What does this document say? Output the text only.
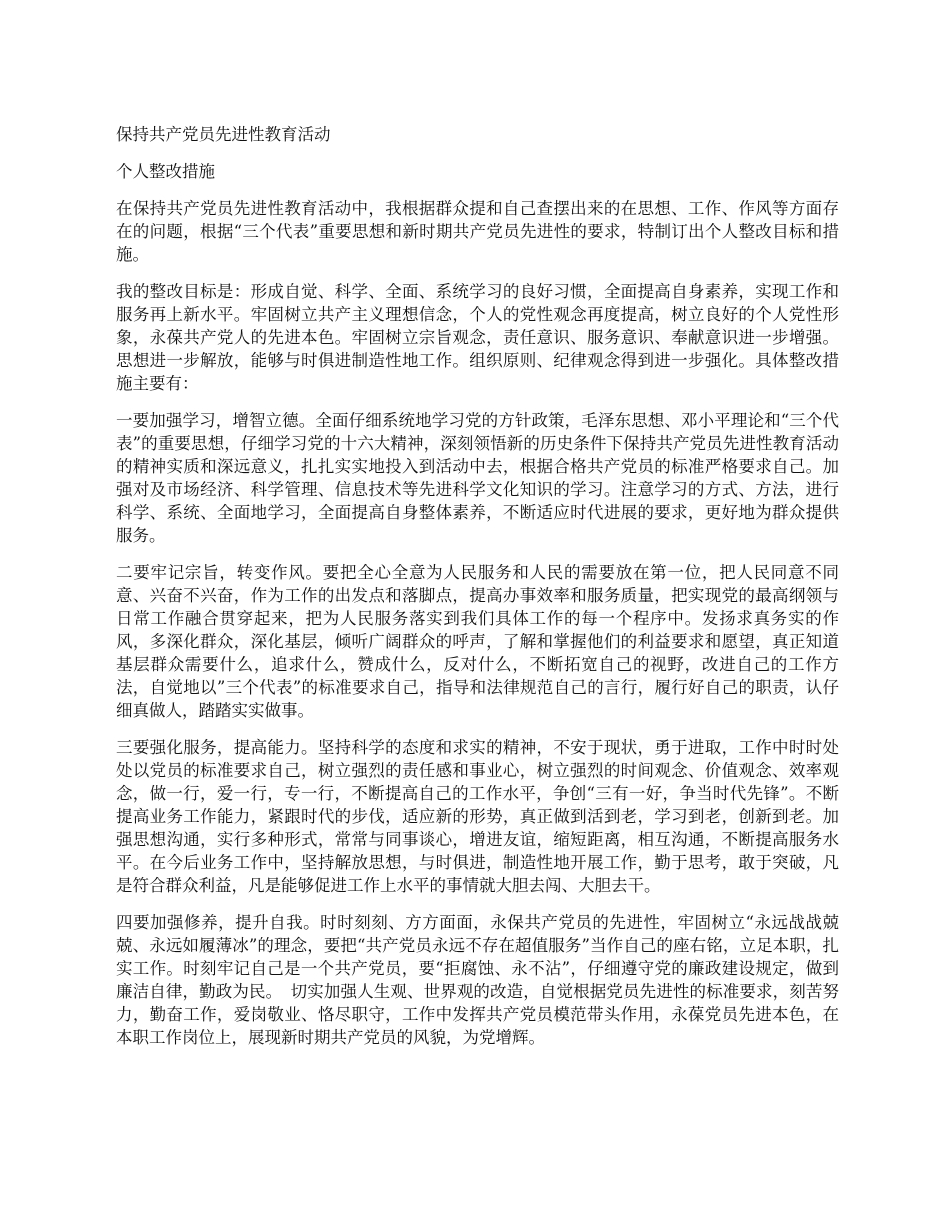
保持共产党员先进性教育活动

个人整改措施

在保持共产党员先进性教育活动中，我根据群众提和自己查摆出来的在思想、工作、作风等方面存在的问题，根据“三个代表”重要思想和新时期共产党员先进性的要求，特制订出个人整改目标和措施。

我的整改目标是：形成自觉、科学、全面、系统学习的良好习惯，全面提高自身素养，实现工作和服务再上新水平。牢固树立共产主义理想信念，个人的党性观念再度提高，树立良好的个人党性形象，永葆共产党人的先进本色。牢固树立宗旨观念，责任意识、服务意识、奉献意识进一步增强。思想进一步解放，能够与时俱进制造性地工作。组织原则、纪律观念得到进一步强化。具体整改措施主要有：

一要加强学习，增智立德。全面仔细系统地学习党的方针政策，毛泽东思想、邓小平理论和“三个代表”的重要思想，仔细学习党的十六大精神，深刻领悟新的历史条件下保持共产党员先进性教育活动的精神实质和深远意义，扎扎实实地投入到活动中去，根据合格共产党员的标准严格要求自己。加强对及市场经济、科学管理、信息技术等先进科学文化知识的学习。注意学习的方式、方法，进行科学、系统、全面地学习，全面提高自身整体素养，不断适应时代进展的要求，更好地为群众提供服务。

二要牢记宗旨，转变作风。要把全心全意为人民服务和人民的需要放在第一位，把人民同意不同意、兴奋不兴奋，作为工作的出发点和落脚点，提高办事效率和服务质量，把实现党的最高纲领与日常工作融合贯穿起来，把为人民服务落实到我们具体工作的每一个程序中。发扬求真务实的作风，多深化群众，深化基层，倾听广阔群众的呼声，了解和掌握他们的利益要求和愿望，真正知道基层群众需要什么，追求什么，赞成什么，反对什么，不断拓宽自己的视野，改进自己的工作方法，自觉地以”三个代表”的标准要求自己，指导和法律规范自己的言行，履行好自己的职责，认仔细真做人，踏踏实实做事。

三要强化服务，提高能力。坚持科学的态度和求实的精神，不安于现状，勇于进取，工作中时时处处以党员的标准要求自己，树立强烈的责任感和事业心，树立强烈的时间观念、价值观念、效率观念，做一行，爱一行，专一行，不断提高自己的工作水平，争创“三有一好，争当时代先锋”。不断提高业务工作能力，紧跟时代的步伐，适应新的形势，真正做到活到老，学习到老，创新到老。加强思想沟通，实行多种形式，常常与同事谈心，增进友谊，缩短距离，相互沟通，不断提高服务水平。在今后业务工作中，坚持解放思想，与时俱进，制造性地开展工作，勤于思考，敢于突破，凡是符合群众利益，凡是能够促进工作上水平的事情就大胆去闯、大胆去干。

四要加强修养，提升自我。时时刻刻、方方面面，永保共产党员的先进性，牢固树立“永远战战兢兢、永远如履薄冰”的理念，要把“共产党员永远不存在超值服务”当作自己的座右铭，立足本职，扎实工作。时刻牢记自己是一个共产党员，要“拒腐蚀、永不沾”，仔细遵守党的廉政建设规定，做到廉洁自律，勤政为民。　切实加强人生观、世界观的改造，自觉根据党员先进性的标准要求，刻苦努力，勤奋工作，爱岗敬业、恪尽职守，工作中发挥共产党员模范带头作用，永葆党员先进本色，在本职工作岗位上，展现新时期共产党员的风貌，为党增辉。
